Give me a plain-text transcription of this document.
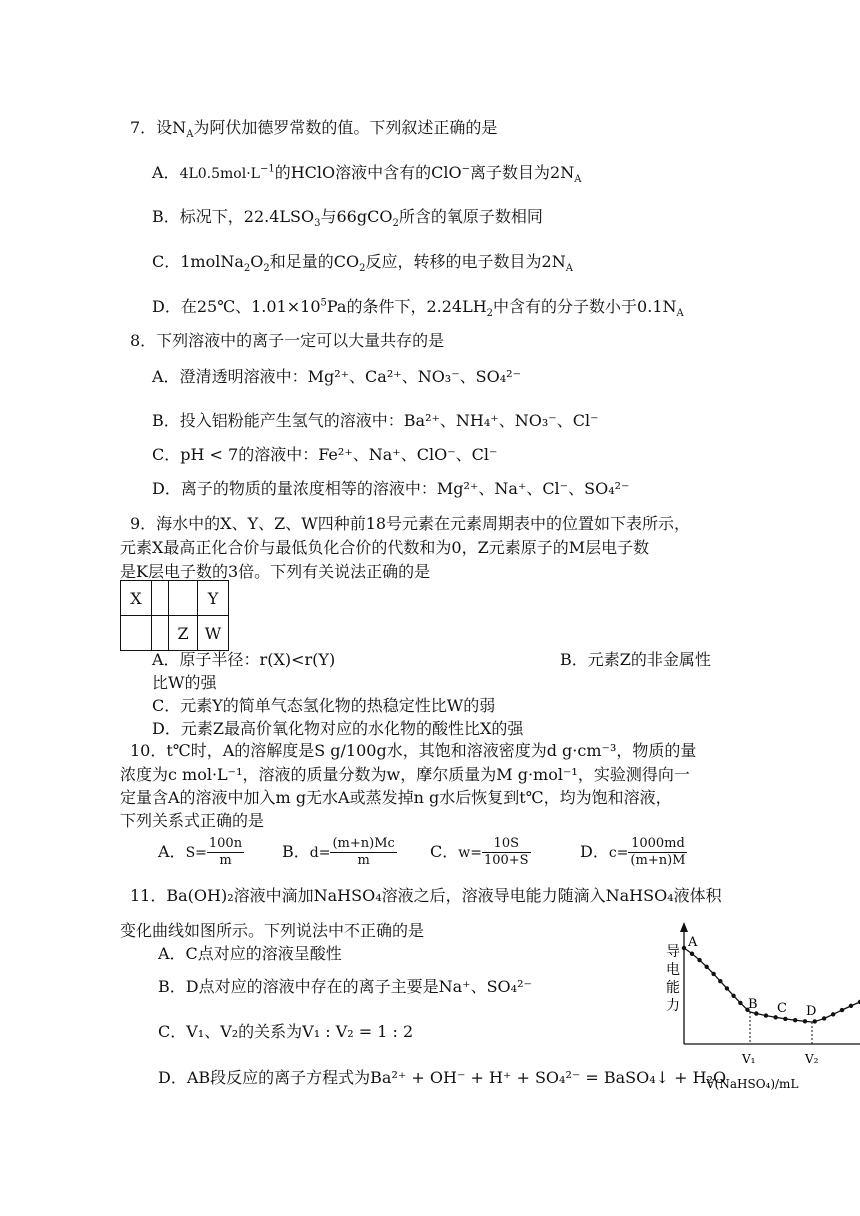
7．设$N_A$为阿伏加德罗常数的值。下列叙述正确的是
A．$4L0.5mol\cdot L^{-1}$的HClO溶液中含有的ClO−离子数目为$2N_A$
B．标况下，$22.4LSO_3$与66gCO$_2$所含的氧原子数相同
C．$1molNa_2O_2$和足量的$CO_2$反应，转移的电子数目为$2N_A$
D．在25℃、$1.01\times 10^5Pa$的条件下，$2.24LH_2$中含有的分子数小于$0.1N_A$
8．下列溶液中的离子一定可以大量共存的是
A．澄清透明溶液中：Mg²⁺、Ca²⁺、NO₃⁻、SO₄²⁻
B．投入铝粉能产生氢气的溶液中：Ba²⁺、NH₄⁺、NO₃⁻、Cl⁻
C．pH < 7的溶液中：Fe²⁺、Na⁺、ClO⁻、Cl⁻
D．离子的物质的量浓度相等的溶液中：Mg²⁺、Na⁺、Cl⁻、SO₄²⁻
9．海水中的X、Y、Z、W四种前18号元素在元素周期表中的位置如下表所示，
元素X最高正化合价与最低负化合价的代数和为0，Z元素原子的M层电子数
是K层电子数的3倍。下列有关说法正确的是
X			Y
		Z	W
A．原子半径：r(X)<r(Y)	B．元素Z的非金属性
比W的强
C．元素Y的简单气态氢化物的热稳定性比W的弱
D．元素Z最高价氧化物对应的水化物的酸性比X的强
10．t℃时，A的溶解度是S g/100g水，其饱和溶液密度为d g·cm⁻³，物质的量
浓度为c mol·L⁻¹，溶液的质量分数为w，摩尔质量为M g·mol⁻¹，实验测得向一
定量含A的溶液中加入m g无水A或蒸发掉n g水后恢复到t℃，均为饱和溶液，
下列关系式正确的是
A．$S= \frac{100n}{m}$ B．$d= \frac{(m+n)Mc}{m}$ C．$w= \frac{10S}{100+S}$	D．$c= \frac{1000md}{(m+n)M}$
11．Ba(OH)₂溶液中滴加NaHSO₄溶液之后，溶液导电能力随滴入NaHSO₄液体积
变化曲线如图所示。下列说法中不正确的是
A．C点对应的溶液呈酸性
B．D点对应的溶液中存在的离子主要是Na⁺、SO₄²⁻
C．V₁、V₂的关系为V₁ : V₂ = 1 : 2
D．AB段反应的离子方程式为Ba²⁺ + OH⁻ + H⁺ + SO₄²⁻ = BaSO₄↓ + H₂O
导
电
能
力
A
B C D
V₁	V₂
V(NaHSO₄)/mL
